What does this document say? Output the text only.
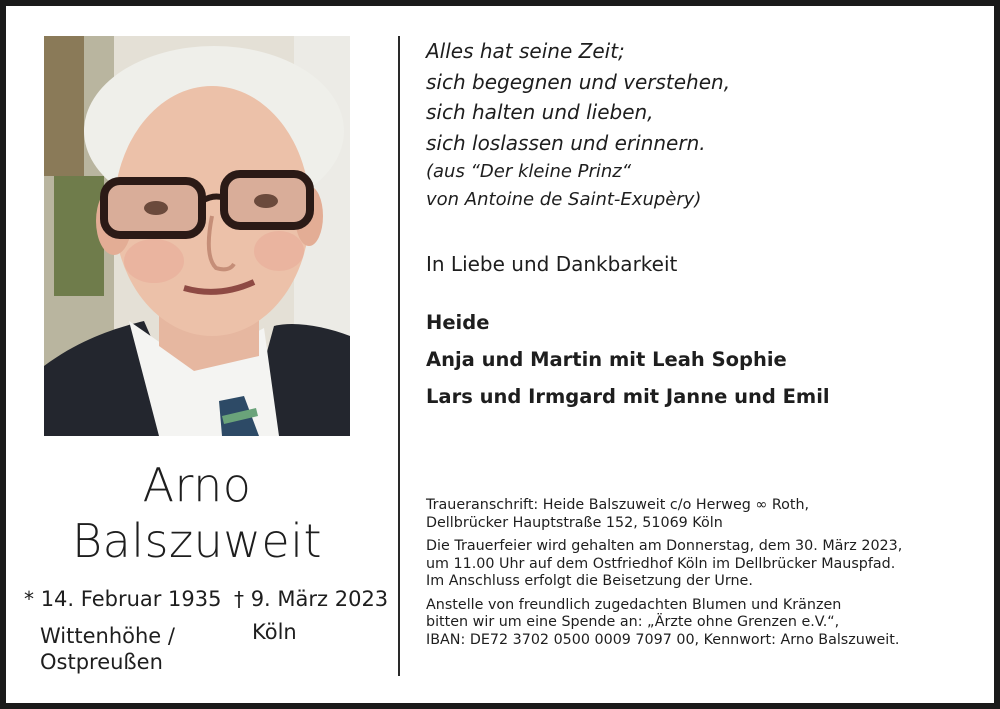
Arno
Balszuweit
* 14. Februar 1935
Wittenhöhe /
Ostpreußen
† 9. März 2023
Köln
Alles hat seine Zeit;
sich begegnen und verstehen,
sich halten und lieben,
sich loslassen und erinnern.
(aus “Der kleine Prinz“
von Antoine de Saint-Exupèry)
In Liebe und Dankbarkeit
Heide
Anja und Martin mit Leah Sophie
Lars und Irmgard mit Janne und Emil
Traueranschrift: Heide Balszuweit c/o Herweg ∞ Roth,
Dellbrücker Hauptstraße 152, 51069 Köln
Die Trauerfeier wird gehalten am Donnerstag, dem 30. März 2023,
um 11.00 Uhr auf dem Ostfriedhof Köln im Dellbrücker Mauspfad.
Im Anschluss erfolgt die Beisetzung der Urne.
Anstelle von freundlich zugedachten Blumen und Kränzen
bitten wir um eine Spende an: „Ärzte ohne Grenzen e.V.“,
IBAN: DE72 3702 0500 0009 7097 00, Kennwort: Arno Balszuweit.
